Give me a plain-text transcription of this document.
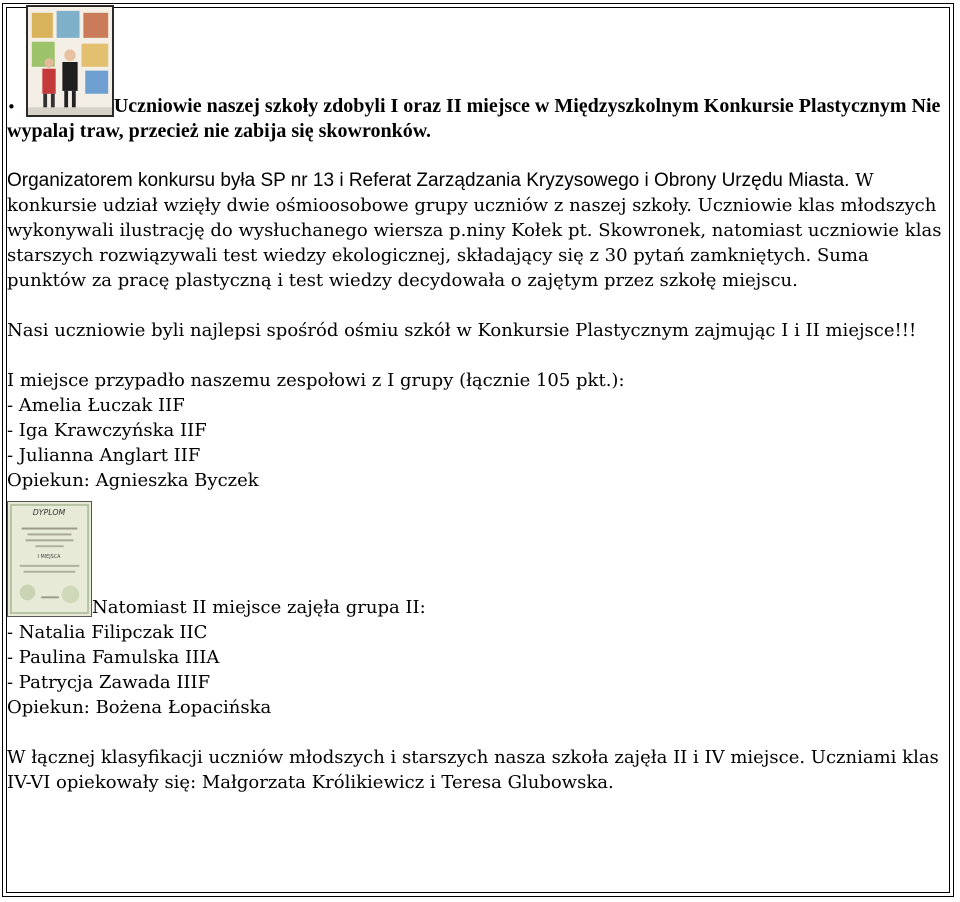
•	Uczniowie naszej szkoły zdobyli I oraz II miejsce w Międzyszkolnym Konkursie Plastycznym Nie wypalaj traw, przecież nie zabija się skowronków.

Organizatorem konkursu była SP nr 13 i Referat Zarządzania Kryzysowego i Obrony Urzędu Miasta. W konkursie udział wzięły dwie ośmioosobowe grupy uczniów z naszej szkoły. Uczniowie klas młodszych wykonywali ilustrację do wysłuchanego wiersza p.niny Kołek pt. Skowronek, natomiast uczniowie klas starszych rozwiązywali test wiedzy ekologicznej, składający się z 30 pytań zamkniętych. Suma punktów za pracę plastyczną i test wiedzy decydowała o zajętym przez szkołę miejscu.

Nasi uczniowie byli najlepsi spośród ośmiu szkół w Konkursie Plastycznym zajmując I i II miejsce!!!

I miejsce przypadło naszemu zespołowi z I grupy (łącznie 105 pkt.):

- Amelia Łuczak IIF

- Iga Krawczyńska IIF

- Julianna Anglart IIF

Opiekun: Agnieszka Byczek

DYPLOM
I MIEJSCA
Natomiast II miejsce zajęła grupa II:

- Natalia Filipczak IIC

- Paulina Famulska IIIA

- Patrycja Zawada IIIF

Opiekun: Bożena Łopacińska

W łącznej klasyfikacji uczniów młodszych i starszych nasza szkoła zajęła II i IV miejsce. Uczniami klas IV-VI opiekowały się: Małgorzata Królikiewicz i Teresa Glubowska.
